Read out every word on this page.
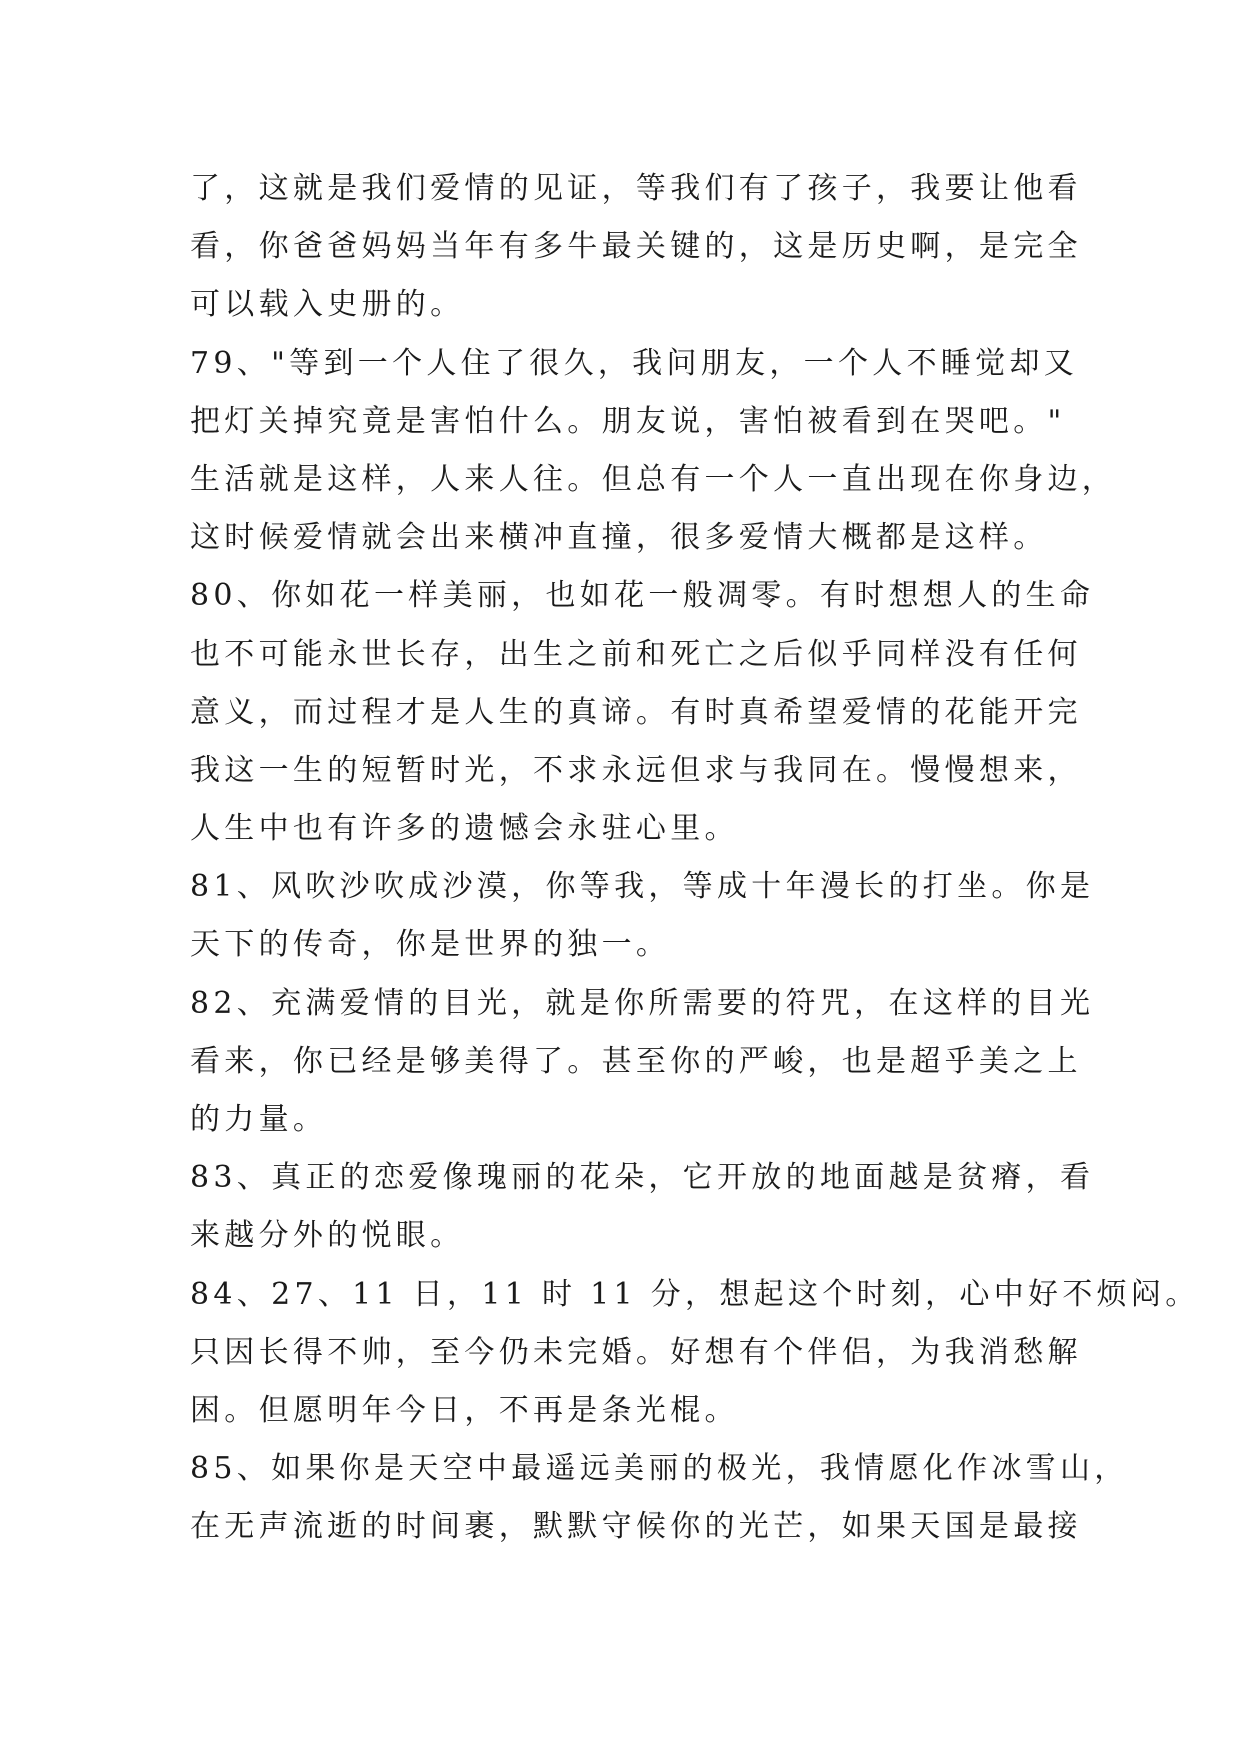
了，这就是我们爱情的见证，等我们有了孩子，我要让他看
看，你爸爸妈妈当年有多牛最关键的，这是历史啊，是完全
可以载入史册的。
79、"等到一个人住了很久，我问朋友，一个人不睡觉却又
把灯关掉究竟是害怕什么。朋友说，害怕被看到在哭吧。"
生活就是这样，人来人往。但总有一个人一直出现在你身边，
这时候爱情就会出来横冲直撞，很多爱情大概都是这样。
80、你如花一样美丽，也如花一般凋零。有时想想人的生命
也不可能永世长存，出生之前和死亡之后似乎同样没有任何
意义，而过程才是人生的真谛。有时真希望爱情的花能开完
我这一生的短暂时光，不求永远但求与我同在。慢慢想来，
人生中也有许多的遗憾会永驻心里。
81、风吹沙吹成沙漠，你等我，等成十年漫长的打坐。你是
天下的传奇，你是世界的独一。
82、充满爱情的目光，就是你所需要的符咒，在这样的目光
看来，你已经是够美得了。甚至你的严峻，也是超乎美之上
的力量。
83、真正的恋爱像瑰丽的花朵，它开放的地面越是贫瘠，看
来越分外的悦眼。
84、27、11 日，11 时 11 分，想起这个时刻，心中好不烦闷。
只因长得不帅，至今仍未完婚。好想有个伴侣，为我消愁解
困。但愿明年今日，不再是条光棍。
85、如果你是天空中最遥远美丽的极光，我情愿化作冰雪山，
在无声流逝的时间裹，默默守候你的光芒，如果天国是最接
